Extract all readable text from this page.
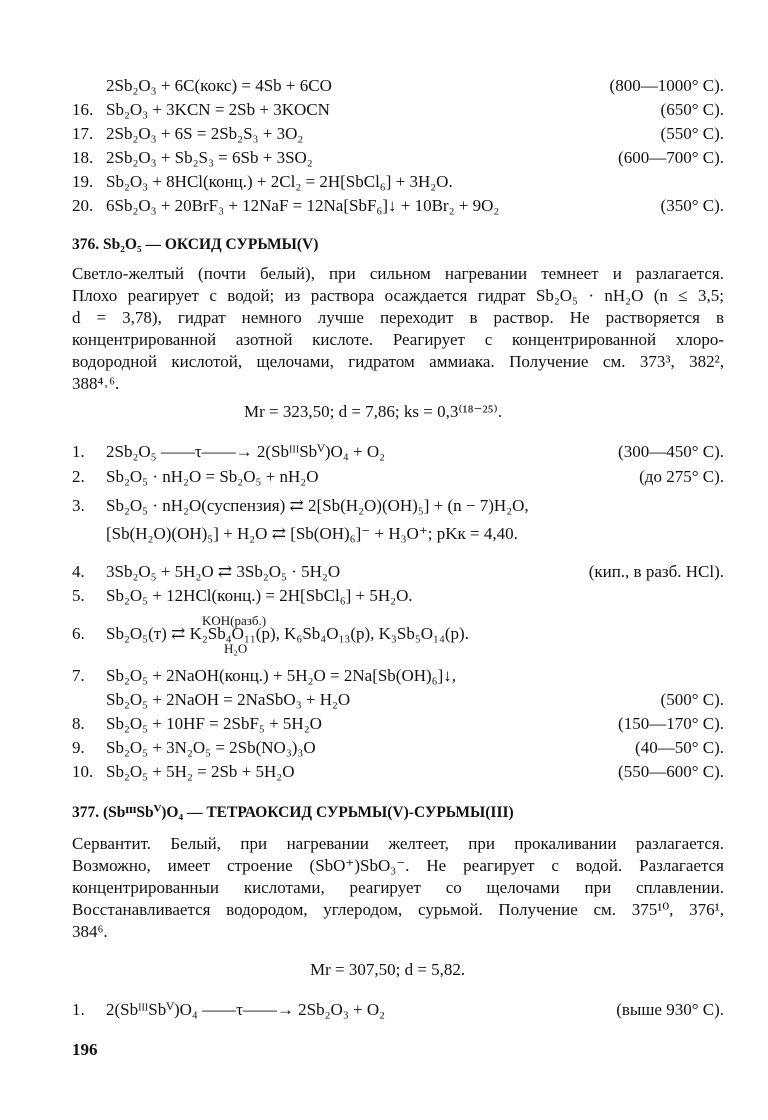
2Sb₂O₃ + 6C(кокс) = 4Sb + 6CO	(800—1000° C).
16. Sb₂O₃ + 3KCN = 2Sb + 3KOCN	(650° C).
17. 2Sb₂O₃ + 6S = 2Sb₂S₃ + 3O₂	(550° C).
18. 2Sb₂O₃ + Sb₂S₃ = 6Sb + 3SO₂	(600—700° C).
19. Sb₂O₃ + 8HCl(конц.) + 2Cl₂ = 2H[SbCl₆] + 3H₂O.
20. 6Sb₂O₃ + 20BrF₃ + 12NaF = 12Na[SbF₆]↓ + 10Br₂ + 9O₂	(350° C).
376. Sb₂O₅ — ОКСИД СУРЬМЫ(V)
Светло-желтый (почти белый), при сильном нагревании темнеет и разлагается.
Плохо реагирует с водой; из раствора осаждается гидрат Sb₂O₅ · nH₂O (n ≤ 3,5;
d = 3,78), гидрат немного лучше переходит в раствор. Не растворяется в
концентрированной азотной кислоте. Реагирует с концентрированной хлоро-
водородной кислотой, щелочами, гидратом аммиака. Получение см. 373³, 382²,
388⁴˒⁶.
Mr = 323,50; d = 7,86; ks = 0,3⁽¹⁸⁻²⁵⁾.
1.	2Sb₂O₅ ——τ——→ 2(SbᴵᴵᴵSbⱽ)O₄ + O₂	(300—450° C).
2.	Sb₂O₅ · nH₂O = Sb₂O₅ + nH₂O	(до 275° C).
3.	Sb₂O₅ · nH₂O(суспензия) ⇄ 2[Sb(H₂O)(OH)₅] + (n − 7)H₂O,
[Sb(H₂O)(OH)₅] + H₂O ⇄ [Sb(OH)₆]⁻ + H₃O⁺; pKк = 4,40.
4.	3Sb₂O₅ + 5H₂O ⇄ 3Sb₂O₅ · 5H₂O	(кип., в разб. HCl).
5.	Sb₂O₅ + 12HCl(конц.) = 2H[SbCl₆] + 5H₂O.
6.	Sb₂O₅(т) ⇄ K₂Sb₄O₁₁(р), K₆Sb₄O₁₃(р), K₃Sb₅O₁₄(р).
7.	Sb₂O₅ + 2NaOH(конц.) + 5H₂O = 2Na[Sb(OH)₆]↓,
Sb₂O₅ + 2NaOH = 2NaSbO₃ + H₂O	(500° C).
8.	Sb₂O₅ + 10HF = 2SbF₅ + 5H₂O	(150—170° C).
9.	Sb₂O₅ + 3N₂O₅ = 2Sb(NO₃)₃O	(40—50° C).
10. Sb₂O₅ + 5H₂ = 2Sb + 5H₂O	(550—600° C).
KOH(разб.)
H₂O
377. (SbᴵᴵᴵSbⱽ)O₄ — ТЕТРАОКСИД СУРЬМЫ(V)-СУРЬМЫ(III)
Сервантит. Белый, при нагревании желтеет, при прокаливании разлагается.
Возможно, имеет строение (SbO⁺)SbO₃⁻. Не реагирует с водой. Разлагается
концентрированныи кислотами, реагирует со щелочами при сплавлении.
Восстанавливается водородом, углеродом, сурьмой. Получение см. 375¹⁰, 376¹,
384⁶.
Mr = 307,50; d = 5,82.
1.	2(SbᴵᴵᴵSbⱽ)O₄ ——τ——→ 2Sb₂O₃ + O₂	(выше 930° C).
196
